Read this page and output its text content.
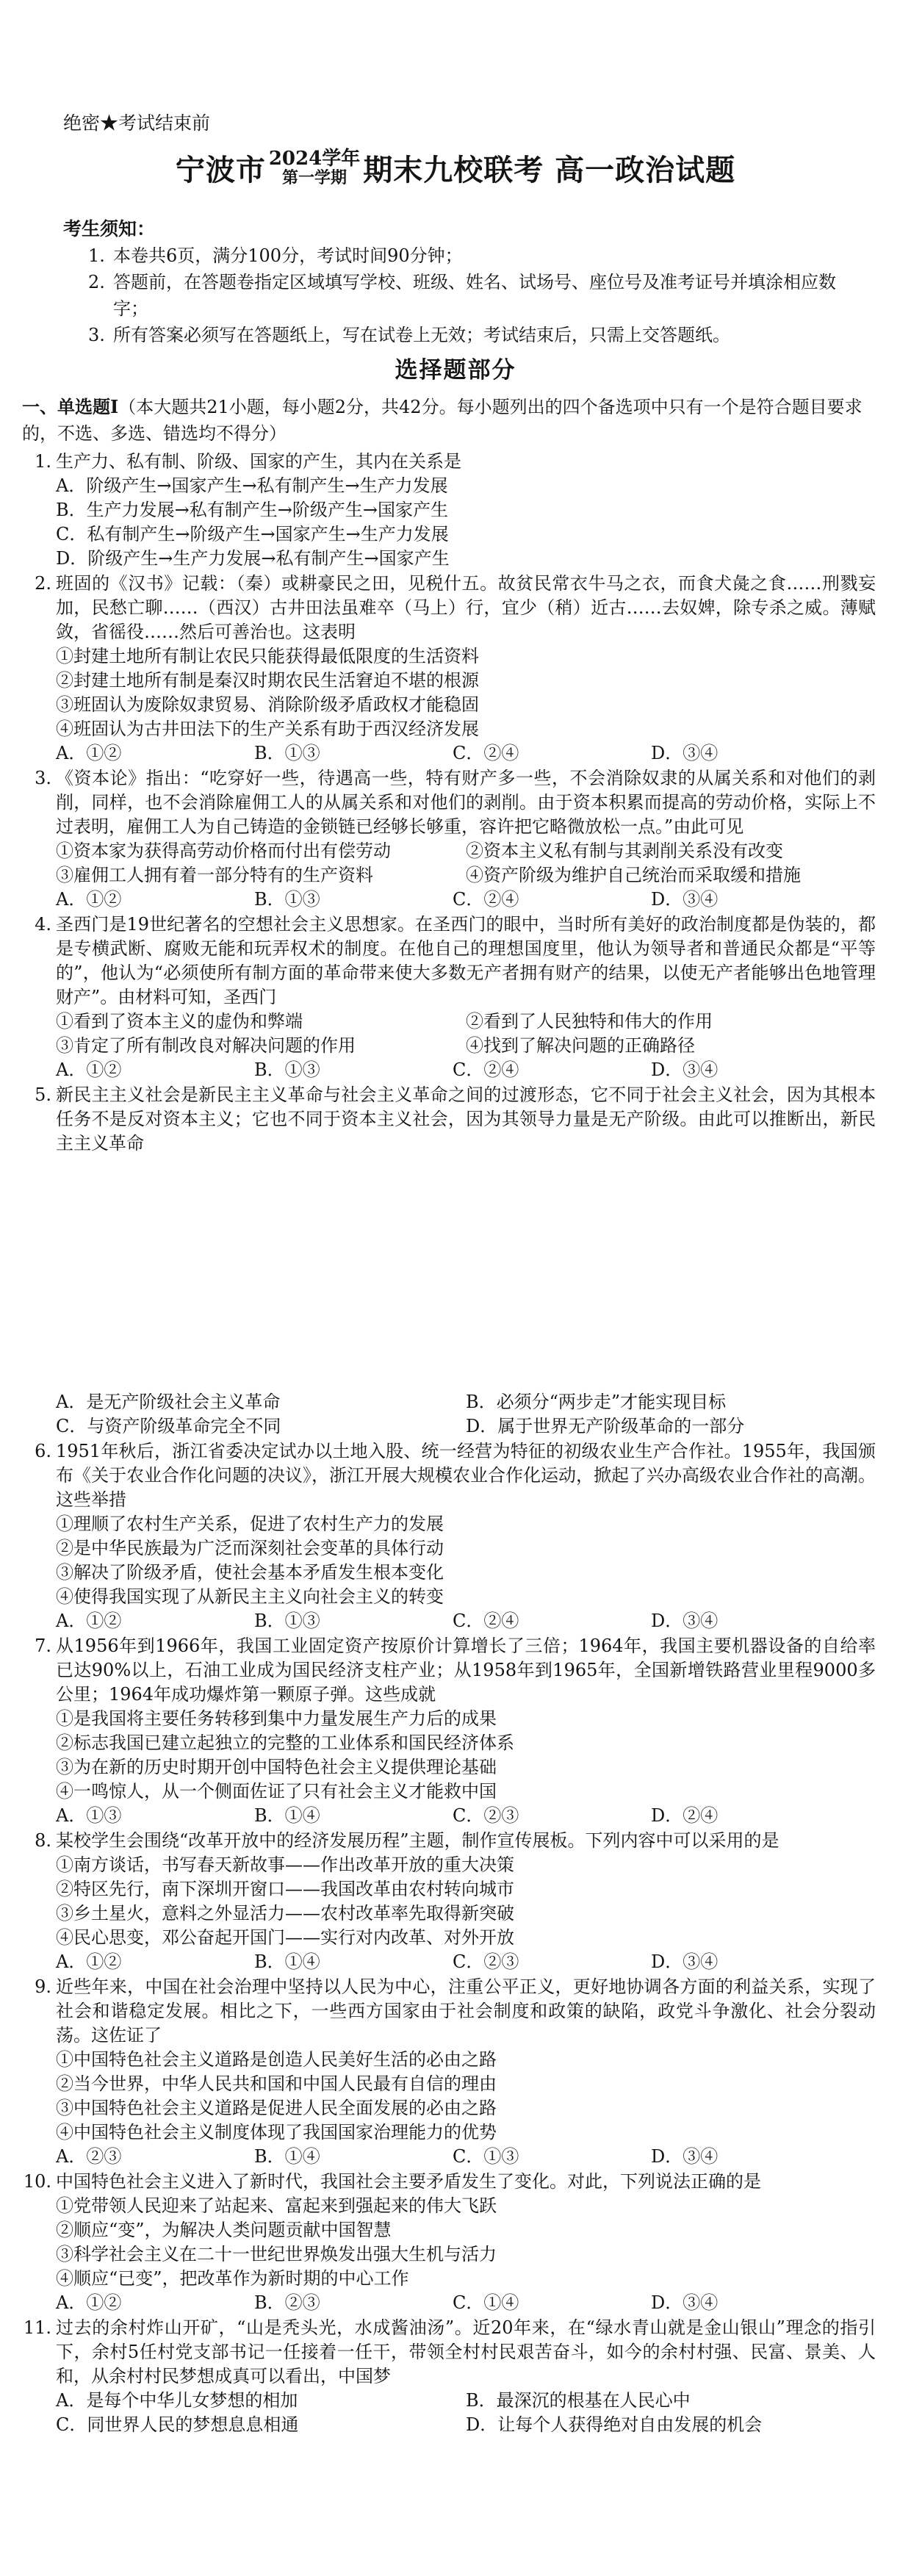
绝密★考试结束前
宁波市 2024学年
第一学期 期末九校联考 高一政治试题
考生须知：
1. 本卷共6页，满分100分，考试时间90分钟；
2. 答题前，在答题卷指定区域填写学校、班级、姓名、试场号、座位号及准考证号并填涂相应数字；
3. 所有答案必须写在答题纸上，写在试卷上无效；考试结束后，只需上交答题纸。
选择题部分
一、单选题Ⅰ（本大题共21小题，每小题2分，共42分。每小题列出的四个备选项中只有一个是符合题目要求的，不选、多选、错选均不得分）
1. 生产力、私有制、阶级、国家的产生，其内在关系是
A．阶级产生→国家产生→私有制产生→生产力发展
B．生产力发展→私有制产生→阶级产生→国家产生
C．私有制产生→阶级产生→国家产生→生产力发展
D．阶级产生→生产力发展→私有制产生→国家产生
2. 班固的《汉书》记载：（秦）或耕豪民之田，见税什五。故贫民常衣牛马之衣，而食犬彘之食……刑戮妄加，民愁亡聊……（西汉）古井田法虽难卒（马上）行，宜少（稍）近古……去奴婢，除专杀之威。薄赋敛，省徭役……然后可善治也。这表明
①封建土地所有制让农民只能获得最低限度的生活资料
②封建土地所有制是秦汉时期农民生活窘迫不堪的根源
③班固认为废除奴隶贸易、消除阶级矛盾政权才能稳固
④班固认为古井田法下的生产关系有助于西汉经济发展
A．①②	B．①③	C．②④	D．③④
3. 《资本论》指出：“吃穿好一些，待遇高一些，特有财产多一些，不会消除奴隶的从属关系和对他们的剥削，同样，也不会消除雇佣工人的从属关系和对他们的剥削。由于资本积累而提高的劳动价格，实际上不过表明，雇佣工人为自己铸造的金锁链已经够长够重，容许把它略微放松一点。”由此可见
①资本家为获得高劳动价格而付出有偿劳动	②资本主义私有制与其剥削关系没有改变
③雇佣工人拥有着一部分特有的生产资料	④资产阶级为维护自己统治而采取缓和措施
A．①②	B．①③	C．②④	D．③④
4. 圣西门是19世纪著名的空想社会主义思想家。在圣西门的眼中，当时所有美好的政治制度都是伪装的，都是专横武断、腐败无能和玩弄权术的制度。在他自己的理想国度里，他认为领导者和普通民众都是“平等的”，他认为“必须使所有制方面的革命带来使大多数无产者拥有财产的结果，以使无产者能够出色地管理财产”。由材料可知，圣西门
①看到了资本主义的虚伪和弊端	②看到了人民独特和伟大的作用
③肯定了所有制改良对解决问题的作用	④找到了解决问题的正确路径
A．①②	B．①③	C．②④	D．③④
5. 新民主主义社会是新民主主义革命与社会主义革命之间的过渡形态，它不同于社会主义社会，因为其根本任务不是反对资本主义；它也不同于资本主义社会，因为其领导力量是无产阶级。由此可以推断出，新民主主义革命
A．是无产阶级社会主义革命	B．必须分“两步走”才能实现目标
C．与资产阶级革命完全不同	D．属于世界无产阶级革命的一部分
6. 1951年秋后，浙江省委决定试办以土地入股、统一经营为特征的初级农业生产合作社。1955年，我国颁布《关于农业合作化问题的决议》，浙江开展大规模农业合作化运动，掀起了兴办高级农业合作社的高潮。这些举措
①理顺了农村生产关系，促进了农村生产力的发展
②是中华民族最为广泛而深刻社会变革的具体行动
③解决了阶级矛盾，使社会基本矛盾发生根本变化
④使得我国实现了从新民主主义向社会主义的转变
A．①②	B．①③	C．②④	D．③④
7. 从1956年到1966年，我国工业固定资产按原价计算增长了三倍；1964年，我国主要机器设备的自给率已达90%以上，石油工业成为国民经济支柱产业；从1958年到1965年，全国新增铁路营业里程9000多公里；1964年成功爆炸第一颗原子弹。这些成就
①是我国将主要任务转移到集中力量发展生产力后的成果
②标志我国已建立起独立的完整的工业体系和国民经济体系
③为在新的历史时期开创中国特色社会主义提供理论基础
④一鸣惊人，从一个侧面佐证了只有社会主义才能救中国
A．①③	B．①④	C．②③	D．②④
8. 某校学生会围绕“改革开放中的经济发展历程”主题，制作宣传展板。下列内容中可以采用的是
①南方谈话，书写春天新故事——作出改革开放的重大决策
②特区先行，南下深圳开窗口——我国改革由农村转向城市
③乡土星火，意料之外显活力——农村改革率先取得新突破
④民心思变，邓公奋起开国门——实行对内改革、对外开放
A．①②	B．①④	C．②③	D．③④
9. 近些年来，中国在社会治理中坚持以人民为中心，注重公平正义，更好地协调各方面的利益关系，实现了社会和谐稳定发展。相比之下，一些西方国家由于社会制度和政策的缺陷，政党斗争激化、社会分裂动荡。这佐证了
①中国特色社会主义道路是创造人民美好生活的必由之路
②当今世界，中华人民共和国和中国人民最有自信的理由
③中国特色社会主义道路是促进人民全面发展的必由之路
④中国特色社会主义制度体现了我国国家治理能力的优势
A．②③	B．①④	C．①③	D．③④
10. 中国特色社会主义进入了新时代，我国社会主要矛盾发生了变化。对此，下列说法正确的是
①党带领人民迎来了站起来、富起来到强起来的伟大飞跃
②顺应“变”，为解决人类问题贡献中国智慧
③科学社会主义在二十一世纪世界焕发出强大生机与活力
④顺应“已变”，把改革作为新时期的中心工作
A．①②	B．②③	C．①④	D．③④
11. 过去的余村炸山开矿，“山是秃头光，水成酱油汤”。近20年来，在“绿水青山就是金山银山”理念的指引下，余村5任村党支部书记一任接着一任干，带领全村村民艰苦奋斗，如今的余村村强、民富、景美、人和，从余村村民梦想成真可以看出，中国梦
A．是每个中华儿女梦想的相加	B．最深沉的根基在人民心中
C．同世界人民的梦想息息相通	D．让每个人获得绝对自由发展的机会
